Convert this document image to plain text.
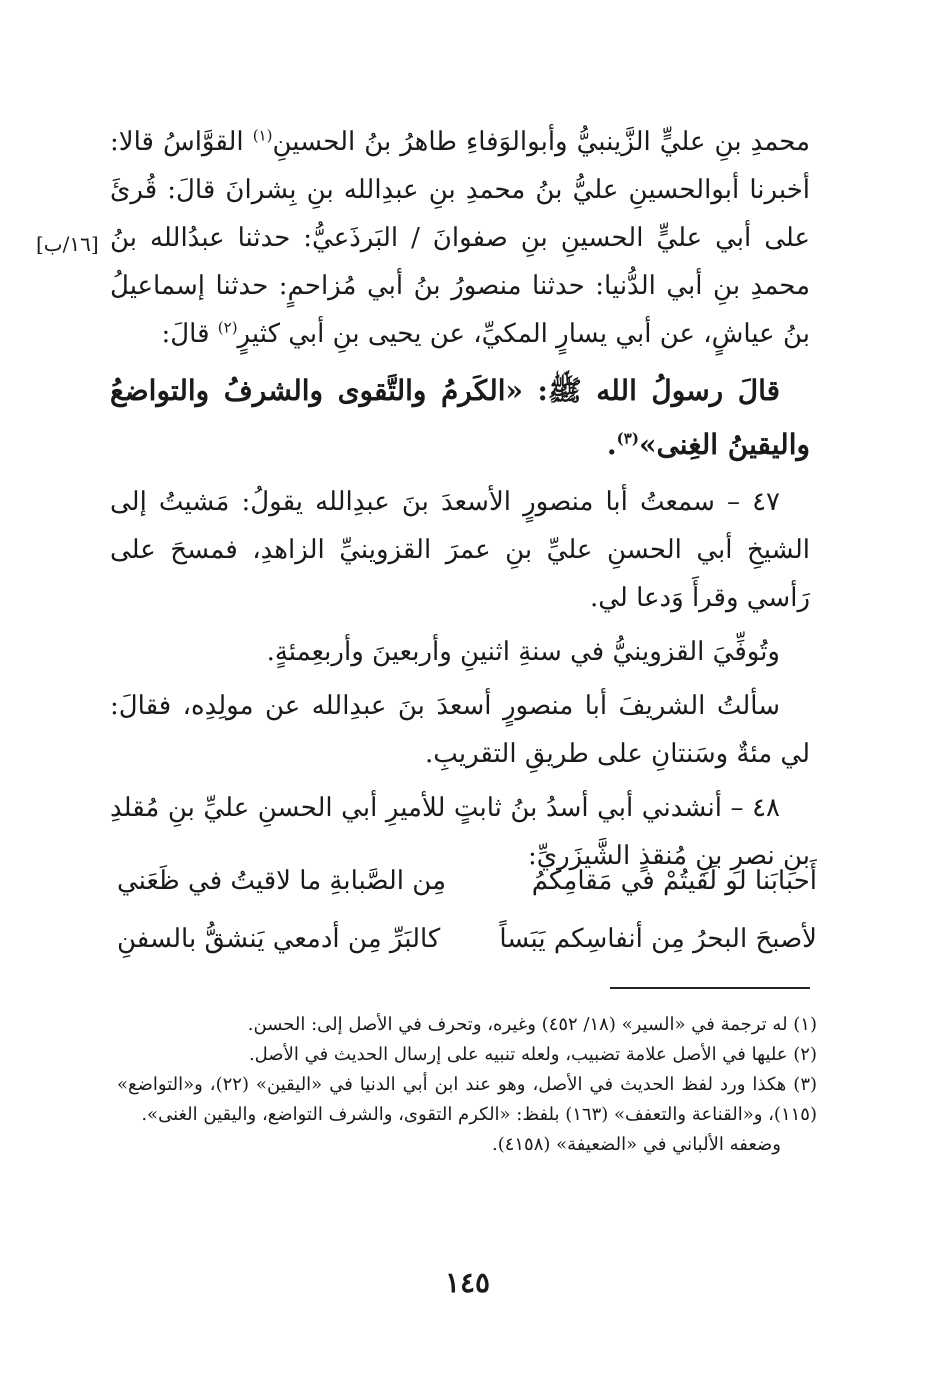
[١٦/ب]

محمدِ بنِ عليٍّ الزَّينبيُّ وأبوالوَفاءِ طاهرُ بنُ الحسينِ$^{(١)}$ القوَّاسُ قالا: أخبرنا أبوالحسينِ عليُّ بنُ محمدِ بنِ عبدِالله بنِ بِشرانَ قالَ: قُرئَ على أبي عليٍّ الحسينِ بنِ صفوانَ / البَرذَعيُّ: حدثنا عبدُالله بنُ محمدِ بنِ أبي الدُّنيا: حدثنا منصورُ بنُ أبي مُزاحمٍ: حدثنا إسماعيلُ بنُ عياشٍ، عن أبي يسارٍ المكيِّ، عن يحيى بنِ أبي كثيرٍ$^{(٢)}$ قالَ:

قالَ رسولُ الله ﷺ: «الكَرمُ والتَّقوى والشرفُ والتواضعُ واليقينُ الغِنى»$^{(٣)}$.

٤٧ – سمعتُ أبا منصورٍ الأسعدَ بنَ عبدِالله يقولُ: مَشيتُ إلى الشيخِ أبي الحسنِ عليِّ بنِ عمرَ القزوينيِّ الزاهدِ، فمسحَ على رَأسي وقرأَ وَدعا لي.

وتُوفِّيَ القزوينيُّ في سنةِ اثنينِ وأربعينَ وأربعِمئةٍ.

سألتُ الشريفَ أبا منصورٍ أسعدَ بنَ عبدِالله عن مولِدِه، فقالَ: لي مئةٌ وسَنتانِ على طريقِ التقريبِ.

٤٨ – أنشدني أبي أسدُ بنُ ثابتٍ للأميرِ أبي الحسنِ عليِّ بنِ مُقلدِ بنِ نصرِ بنِ مُنقذٍ الشَّيزَريِّ:

أَحبابَنا لو لَقيتُمْ في مَقامِكمُ
مِن الصَّبابةِ ما لاقيتُ في ظَعَني
لأصبحَ البحرُ مِن أنفاسِكم يَبَساً
كالبَرِّ مِن أدمعي يَنشقُّ بالسفنِ

(١) له ترجمة في «السير» (١٨/ ٤٥٢) وغيره، وتحرف في الأصل إلى: الحسن.

(٢) عليها في الأصل علامة تضبيب، ولعله تنبيه على إرسال الحديث في الأصل.

(٣) هكذا ورد لفظ الحديث في الأصل، وهو عند ابن أبي الدنيا في «اليقين» (٢٢)، و«التواضع» (١١٥)، و«القناعة والتعفف» (١٦٣) بلفظ: «الكرم التقوى، والشرف التواضع، واليقين الغنى».

وضعفه الألباني في «الضعيفة» (٤١٥٨).

١٤٥
